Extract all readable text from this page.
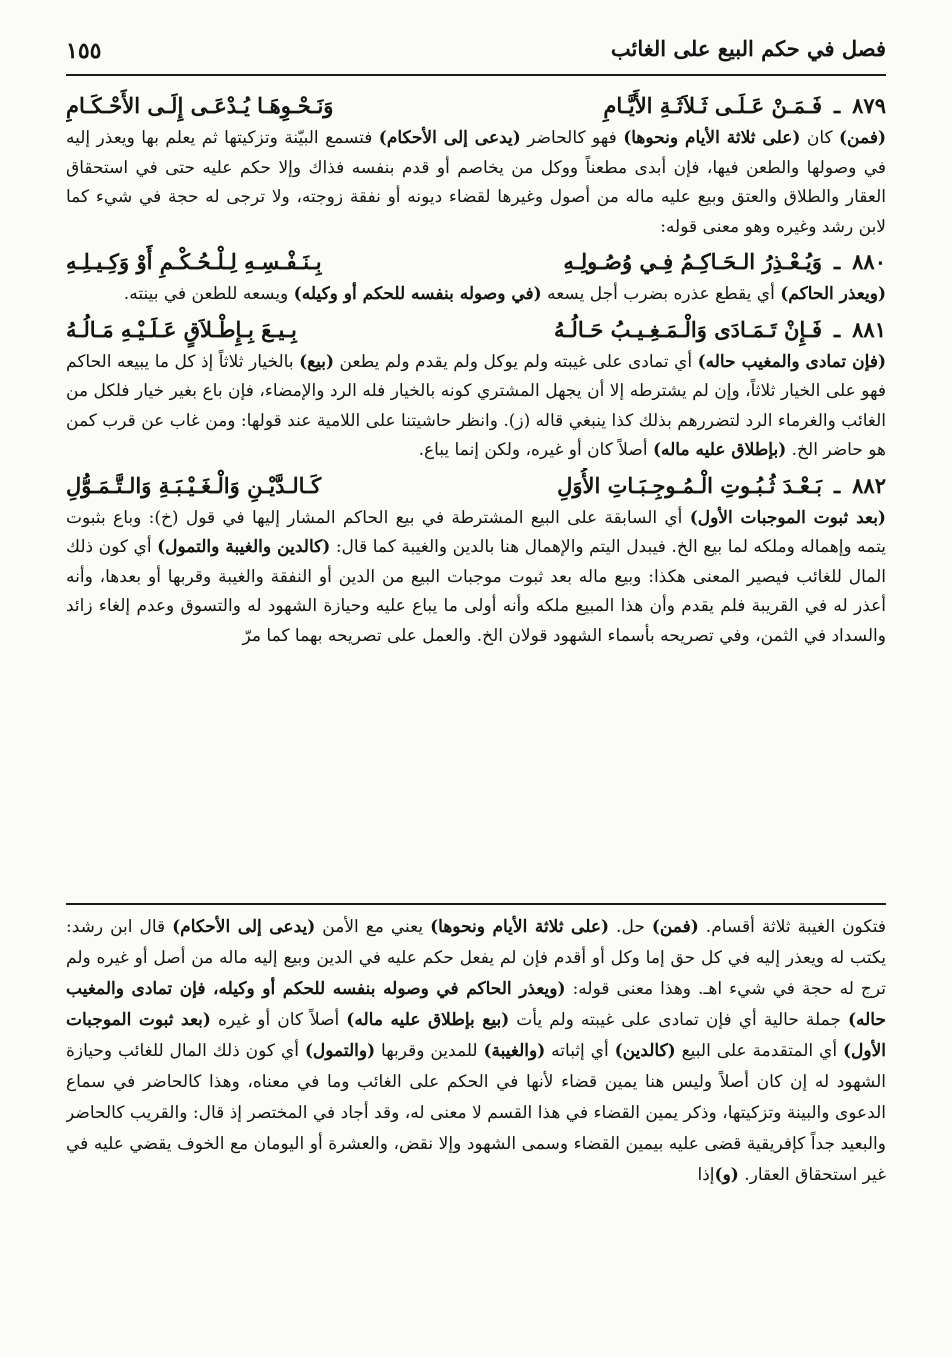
فصل في حكم البيع على الغائب
١٥٥
٨٧٩
ـ
فَـمَـنْ عَـلَـى ثَـلاَثَـةِ الأَيَّـامِ
وَنَـحْـوِهَـا يُـدْعَـى إِلَـى الأَحْـكَـامِ

(فمن) كان (على ثلاثة الأيام ونحوها) فهو كالحاضر (يدعى إلى الأحكام) فتسمع البيّنة وتزكيتها ثم يعلم بها ويعذر إليه في وصولها والطعن فيها، فإن أبدى مطعناً ووكل من يخاصم أو قدم بنفسه فذاك وإلا حكم عليه حتى في استحقاق العقار والطلاق والعتق وبيع عليه ماله من أصول وغيرها لقضاء ديونه أو نفقة زوجته، ولا ترجى له حجة في شيء كما لابن رشد وغيره وهو معنى قوله:

٨٨٠
ـ
وَيُـعْـذِرُ الـحَـاكِـمُ فِـي وُصُـولِـهِ
بِـنَـفْـسِـهِ لِـلْـحُـكْـمِ أَوْ وَكِـيـلِـهِ

(ويعذر الحاكم) أي يقطع عذره بضرب أجل يسعه (في وصوله بنفسه للحكم أو وكيله) ويسعه للطعن في بينته.

٨٨١
ـ
فَـإِنْ تَـمَـادَى وَالْـمَـغِـيـبُ حَـالُـهُ
بِـيـعَ بِـإِطْـلاَقٍ عَـلَـيْـهِ مَـالُـهُ

(فإن تمادى والمغيب حاله) أي تمادى على غيبته ولم يوكل ولم يقدم ولم يطعن (بيع) بالخيار ثلاثاً إذ كل ما يبيعه الحاكم فهو على الخيار ثلاثاً، وإن لم يشترطه إلا أن يجهل المشتري كونه بالخيار فله الرد والإمضاء، فإن باع بغير خيار فلكل من الغائب والغرماء الرد لتضررهم بذلك كذا ينبغي قاله (ز). وانظر حاشيتنا على اللامية عند قولها: ومن غاب عن قرب كمن هو حاضر الخ. (بإطلاق عليه ماله) أصلاً كان أو غيره، ولكن إنما يباع.

٨٨٢
ـ
بَـعْـدَ ثُـبُـوتِ الْـمُـوجِـبَـاتِ الأُوَلِ
كَـالـدَّيْـنِ وَالْـغَـيْـبَـةِ وَالـتَّـمَـوُّلِ

(بعد ثبوت الموجبات الأول) أي السابقة على البيع المشترطة في بيع الحاكم المشار إليها في قول (خ): وباع بثبوت يتمه وإهماله وملكه لما بيع الخ. فيبدل اليتم والإهمال هنا بالدين والغيبة كما قال: (كالدين والغيبة والتمول) أي كون ذلك المال للغائب فيصير المعنى هكذا: وبيع ماله بعد ثبوت موجبات البيع من الدين أو النفقة والغيبة وقربها أو بعدها، وأنه أعذر له في القريبة فلم يقدم وأن هذا المبيع ملكه وأنه أولى ما يباع عليه وحيازة الشهود له والتسوق وعدم إلغاء زائد والسداد في الثمن، وفي تصريحه بأسماء الشهود قولان الخ. والعمل على تصريحه بهما كما مرّ

فتكون الغيبة ثلاثة أقسام. (فمن) حل. (على ثلاثة الأيام ونحوها) يعني مع الأمن (يدعى إلى الأحكام) قال ابن رشد: يكتب له ويعذر إليه في كل حق إما وكل أو أقدم فإن لم يفعل حكم عليه في الدين وبيع إليه ماله من أصل أو غيره ولم ترج له حجة في شيء اهـ. وهذا معنى قوله: (ويعذر الحاكم في وصوله بنفسه للحكم أو وكيله، فإن تمادى والمغيب حاله) جملة حالية أي فإن تمادى على غيبته ولم يأت (بيع بإطلاق عليه ماله) أصلاً كان أو غيره (بعد ثبوت الموجبات الأول) أي المتقدمة على البيع (كالدين) أي إثباته (والغيبة) للمدين وقربها (والتمول) أي كون ذلك المال للغائب وحيازة الشهود له إن كان أصلاً وليس هنا يمين قضاء لأنها في الحكم على الغائب وما في معناه، وهذا كالحاضر في سماع الدعوى والبينة وتزكيتها، وذكر يمين القضاء في هذا القسم لا معنى له، وقد أجاد في المختصر إذ قال: والقريب كالحاضر والبعيد جداً كإفريقية قضى عليه بيمين القضاء وسمى الشهود وإلا نقض، والعشرة أو اليومان مع الخوف يقضي عليه في غير استحقاق العقار. (و)إذا
